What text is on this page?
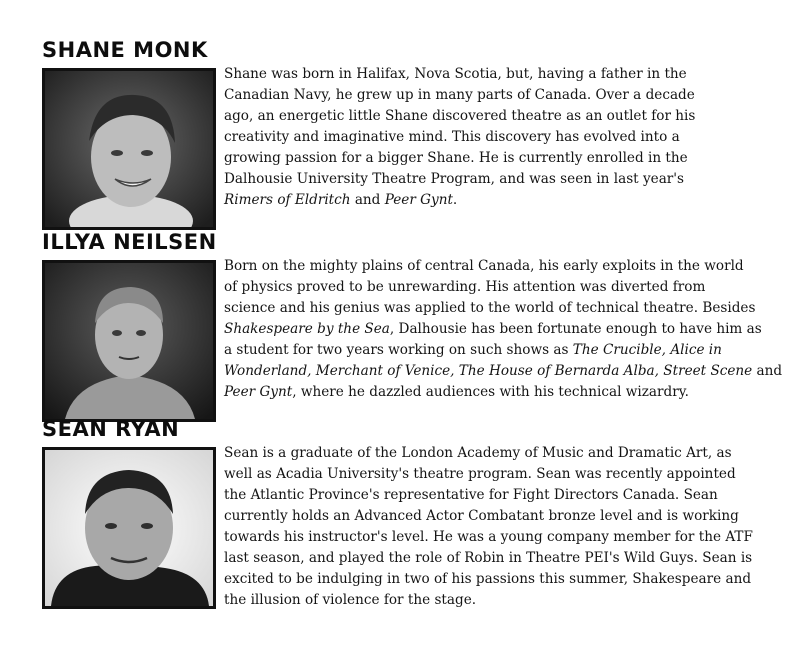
SHANE MONK
Shane was born in Halifax, Nova Scotia, but, having a father in the
Canadian Navy, he grew up in many parts of Canada. Over a decade
ago, an energetic little Shane discovered theatre as an outlet for his
creativity and imaginative mind. This discovery has evolved into a
growing passion for a bigger Shane. He is currently enrolled in the
Dalhousie University Theatre Program, and was seen in last year's
Rimers of Eldritch and Peer Gynt.
ILLYA NEILSEN
Born on the mighty plains of central Canada, his early exploits in the world
of physics proved to be unrewarding. His attention was diverted from
science and his genius was applied to the world of technical theatre. Besides
Shakespeare by the Sea, Dalhousie has been fortunate enough to have him as
a student for two years working on such shows as The Crucible, Alice in
Wonderland, Merchant of Venice, The House of Bernarda Alba, Street Scene and
Peer Gynt, where he dazzled audiences with his technical wizardry.
SEAN RYAN
Sean is a graduate of the London Academy of Music and Dramatic Art, as
well as Acadia University's theatre program. Sean was recently appointed
the Atlantic Province's representative for Fight Directors Canada. Sean
currently holds an Advanced Actor Combatant bronze level and is working
towards his instructor's level. He was a young company member for the ATF
last season, and played the role of Robin in Theatre PEI's Wild Guys. Sean is
excited to be indulging in two of his passions this summer, Shakespeare and
the illusion of violence for the stage.
